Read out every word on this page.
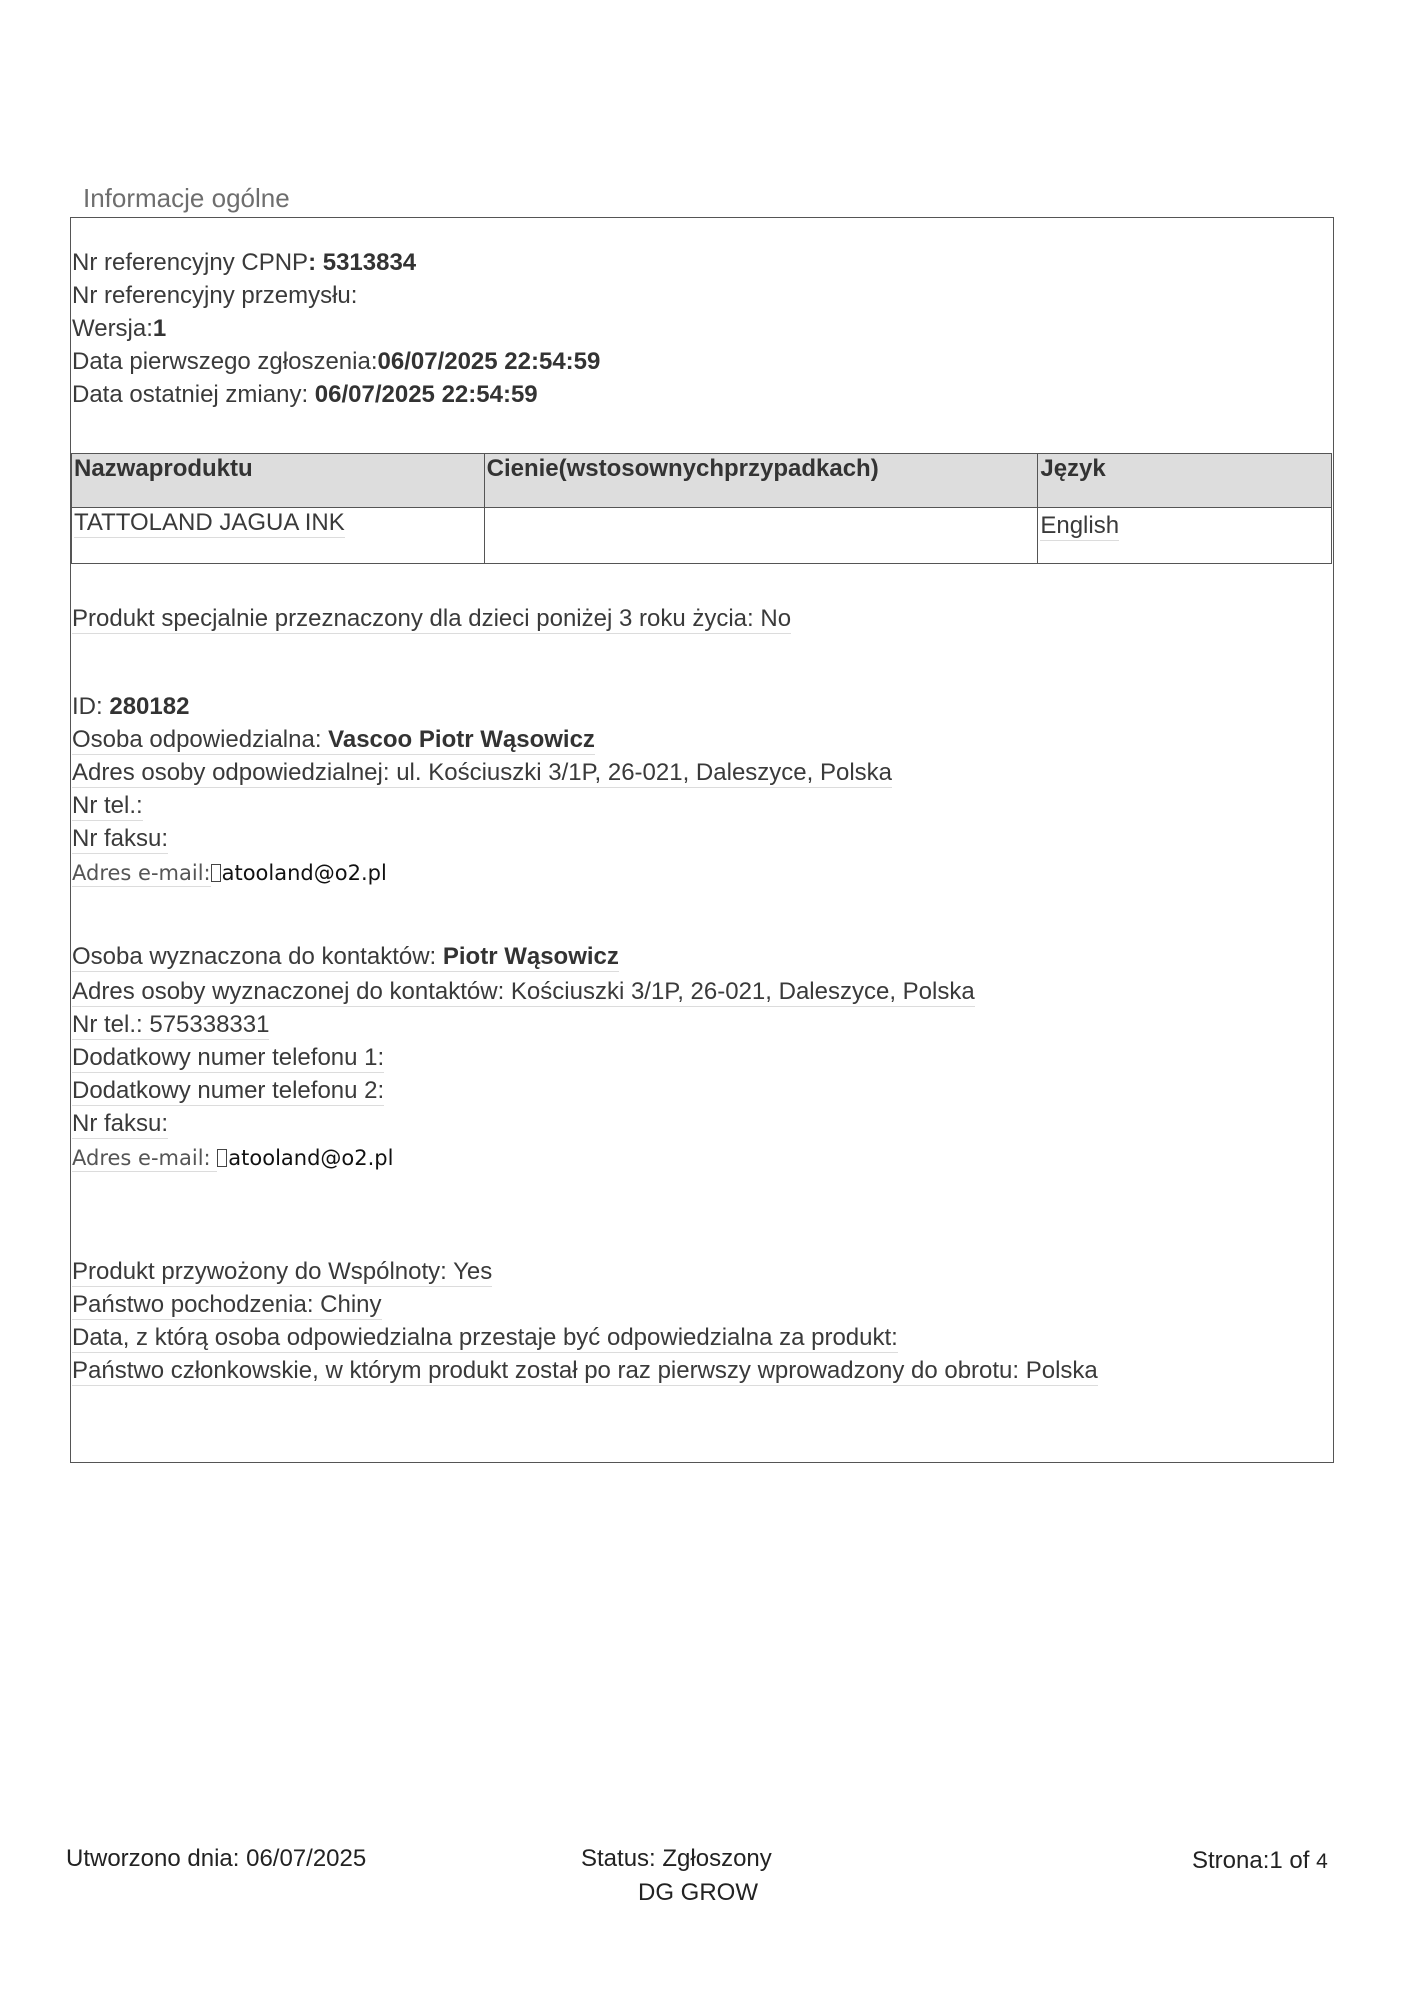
Informacje ogólne
Nr referencyjny CPNP: 5313834
Nr referencyjny przemysłu:
Wersja:1
Data pierwszego zgłoszenia:06/07/2025 22:54:59
Data ostatniej zmiany: 06/07/2025 22:54:59
Nazwaproduktu	Cienie(wstosownychprzypadkach)	Język
TATTOLAND JAGUA INK		English
Produkt specjalnie przeznaczony dla dzieci poniżej 3 roku życia: No
ID: 280182
Osoba odpowiedzialna: Vascoo Piotr Wąsowicz
Adres osoby odpowiedzialnej: ul. Kościuszki 3/1P, 26-021, Daleszyce, Polska
Nr tel.:
Nr faksu:
Adres e-mail: atooland@o2.pl
Osoba wyznaczona do kontaktów: Piotr Wąsowicz
Adres osoby wyznaczonej do kontaktów: Kościuszki 3/1P, 26-021, Daleszyce, Polska
Nr tel.: 575338331
Dodatkowy numer telefonu 1:
Dodatkowy numer telefonu 2:
Nr faksu:
Adres e-mail: atooland@o2.pl
Produkt przywożony do Wspólnoty: Yes
Państwo pochodzenia: Chiny
Data, z którą osoba odpowiedzialna przestaje być odpowiedzialna za produkt:
Państwo członkowskie, w którym produkt został po raz pierwszy wprowadzony do obrotu: Polska
Utworzono dnia: 06/07/2025	Status: Zgłoszony
DG GROW
Strona:1 of 4
